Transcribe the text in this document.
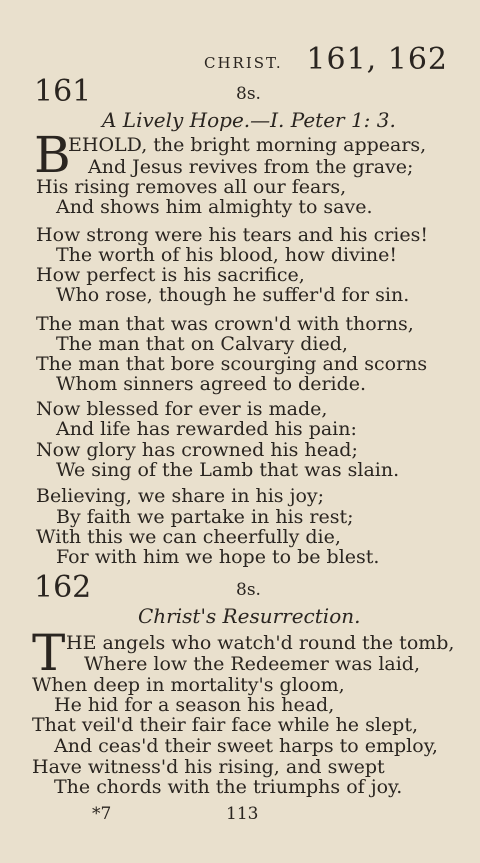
CHRIST. 161, 162
161	8s.
A Lively Hope.—I. Peter 1: 3.
B
EHOLD, the bright morning appears,
And Jesus revives from the grave;
His rising removes all our fears,
And shows him almighty to save.
How strong were his tears and his cries!
The worth of his blood, how divine!
How perfect is his sacrifice,
Who rose, though he suffer'd for sin.
The man that was crown'd with thorns,
The man that on Calvary died,
The man that bore scourging and scorns
Whom sinners agreed to deride.
Now blessed for ever is made,
And life has rewarded his pain:
Now glory has crowned his head;
We sing of the Lamb that was slain.
Believing, we share in his joy;
By faith we partake in his rest;
With this we can cheerfully die,
For with him we hope to be blest.
162	8s.
Christ's Resurrection.
T HE angels who watch'd round the tomb,
Where low the Redeemer was laid,
When deep in mortality's gloom,
He hid for a season his head,
That veil'd their fair face while he slept,
And ceas'd their sweet harps to employ,
Have witness'd his rising, and swept
The chords with the triumphs of joy.
*7	113
